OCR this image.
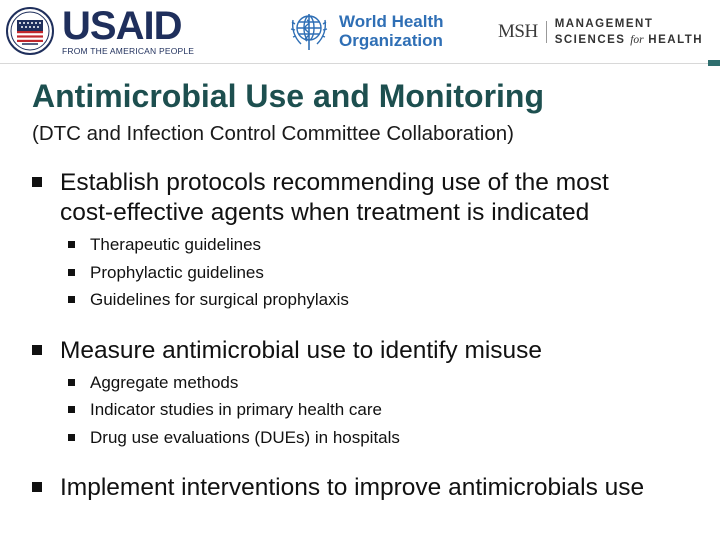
USAID
FROM THE AMERICAN PEOPLE
World Health
Organization	MSH	MANAGEMENT
SCIENCES for HEALTH
Antimicrobial Use and Monitoring

(DTC and Infection Control Committee Collaboration)

Establish protocols recommending use of the most
cost-effective agents when treatment is indicated
Therapeutic guidelines
Prophylactic guidelines
Guidelines for surgical prophylaxis
Measure antimicrobial use to identify misuse
Aggregate methods
Indicator studies in primary health care
Drug use evaluations (DUEs) in hospitals
Implement interventions to improve antimicrobials use
